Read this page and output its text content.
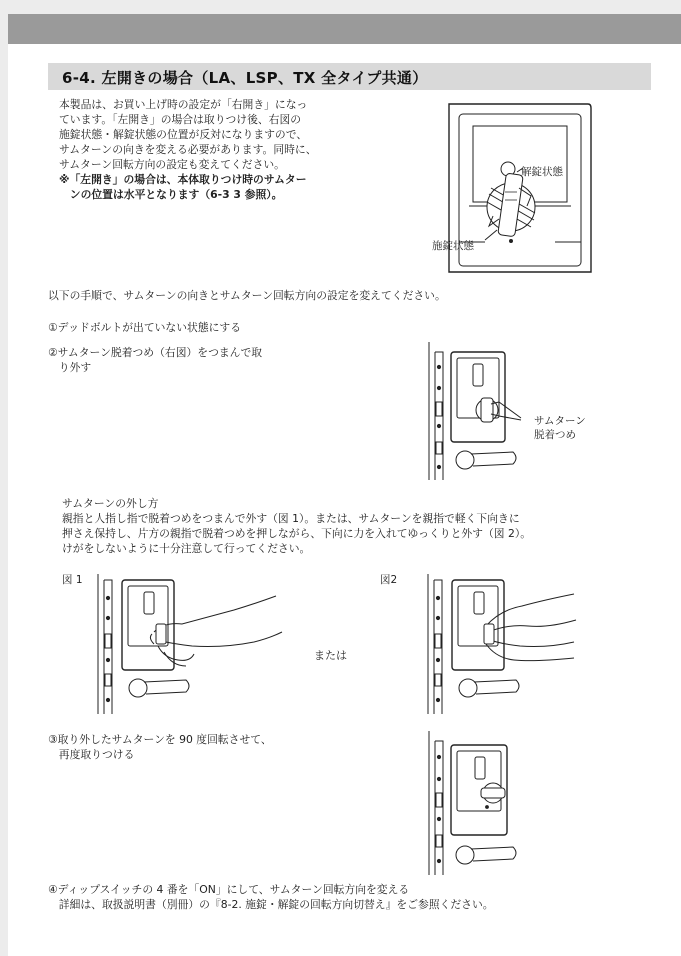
6-4. 左開きの場合（LA、LSP、TX 全タイプ共通）
本製品は、お買い上げ時の設定が「右開き」になっ
ています。「左開き」の場合は取りつけ後、右図の
施錠状態・解錠状態の位置が反対になりますので、
サムターンの向きを変える必要があります。同時に、
サムターン回転方向の設定も変えてください。
※「左開き」の場合は、本体取りつけ時のサムター
　ンの位置は水平となります（6-3 3 参照）。
解錠状態
施錠状態
以下の手順で、サムターンの向きとサムターン回転方向の設定を変えてください。
①デッドボルトが出ていない状態にする
②サムターン脱着つめ（右図）をつまんで取
　り外す
サムターン
脱着つめ
サムターンの外し方
親指と人指し指で脱着つめをつまんで外す（図 1）。または、サムターンを親指で軽く下向きに
押さえ保持し、片方の親指で脱着つめを押しながら、下向に力を入れてゆっくりと外す（図 2）。
けがをしないように十分注意して行ってください。
図 1	図2
または
③取り外したサムターンを 90 度回転させて、
　再度取りつける
④ディップスイッチの 4 番を「ON」にして、サムターン回転方向を変える
　詳細は、取扱説明書（別冊）の『8-2. 施錠・解錠の回転方向切替え』をご参照ください。
